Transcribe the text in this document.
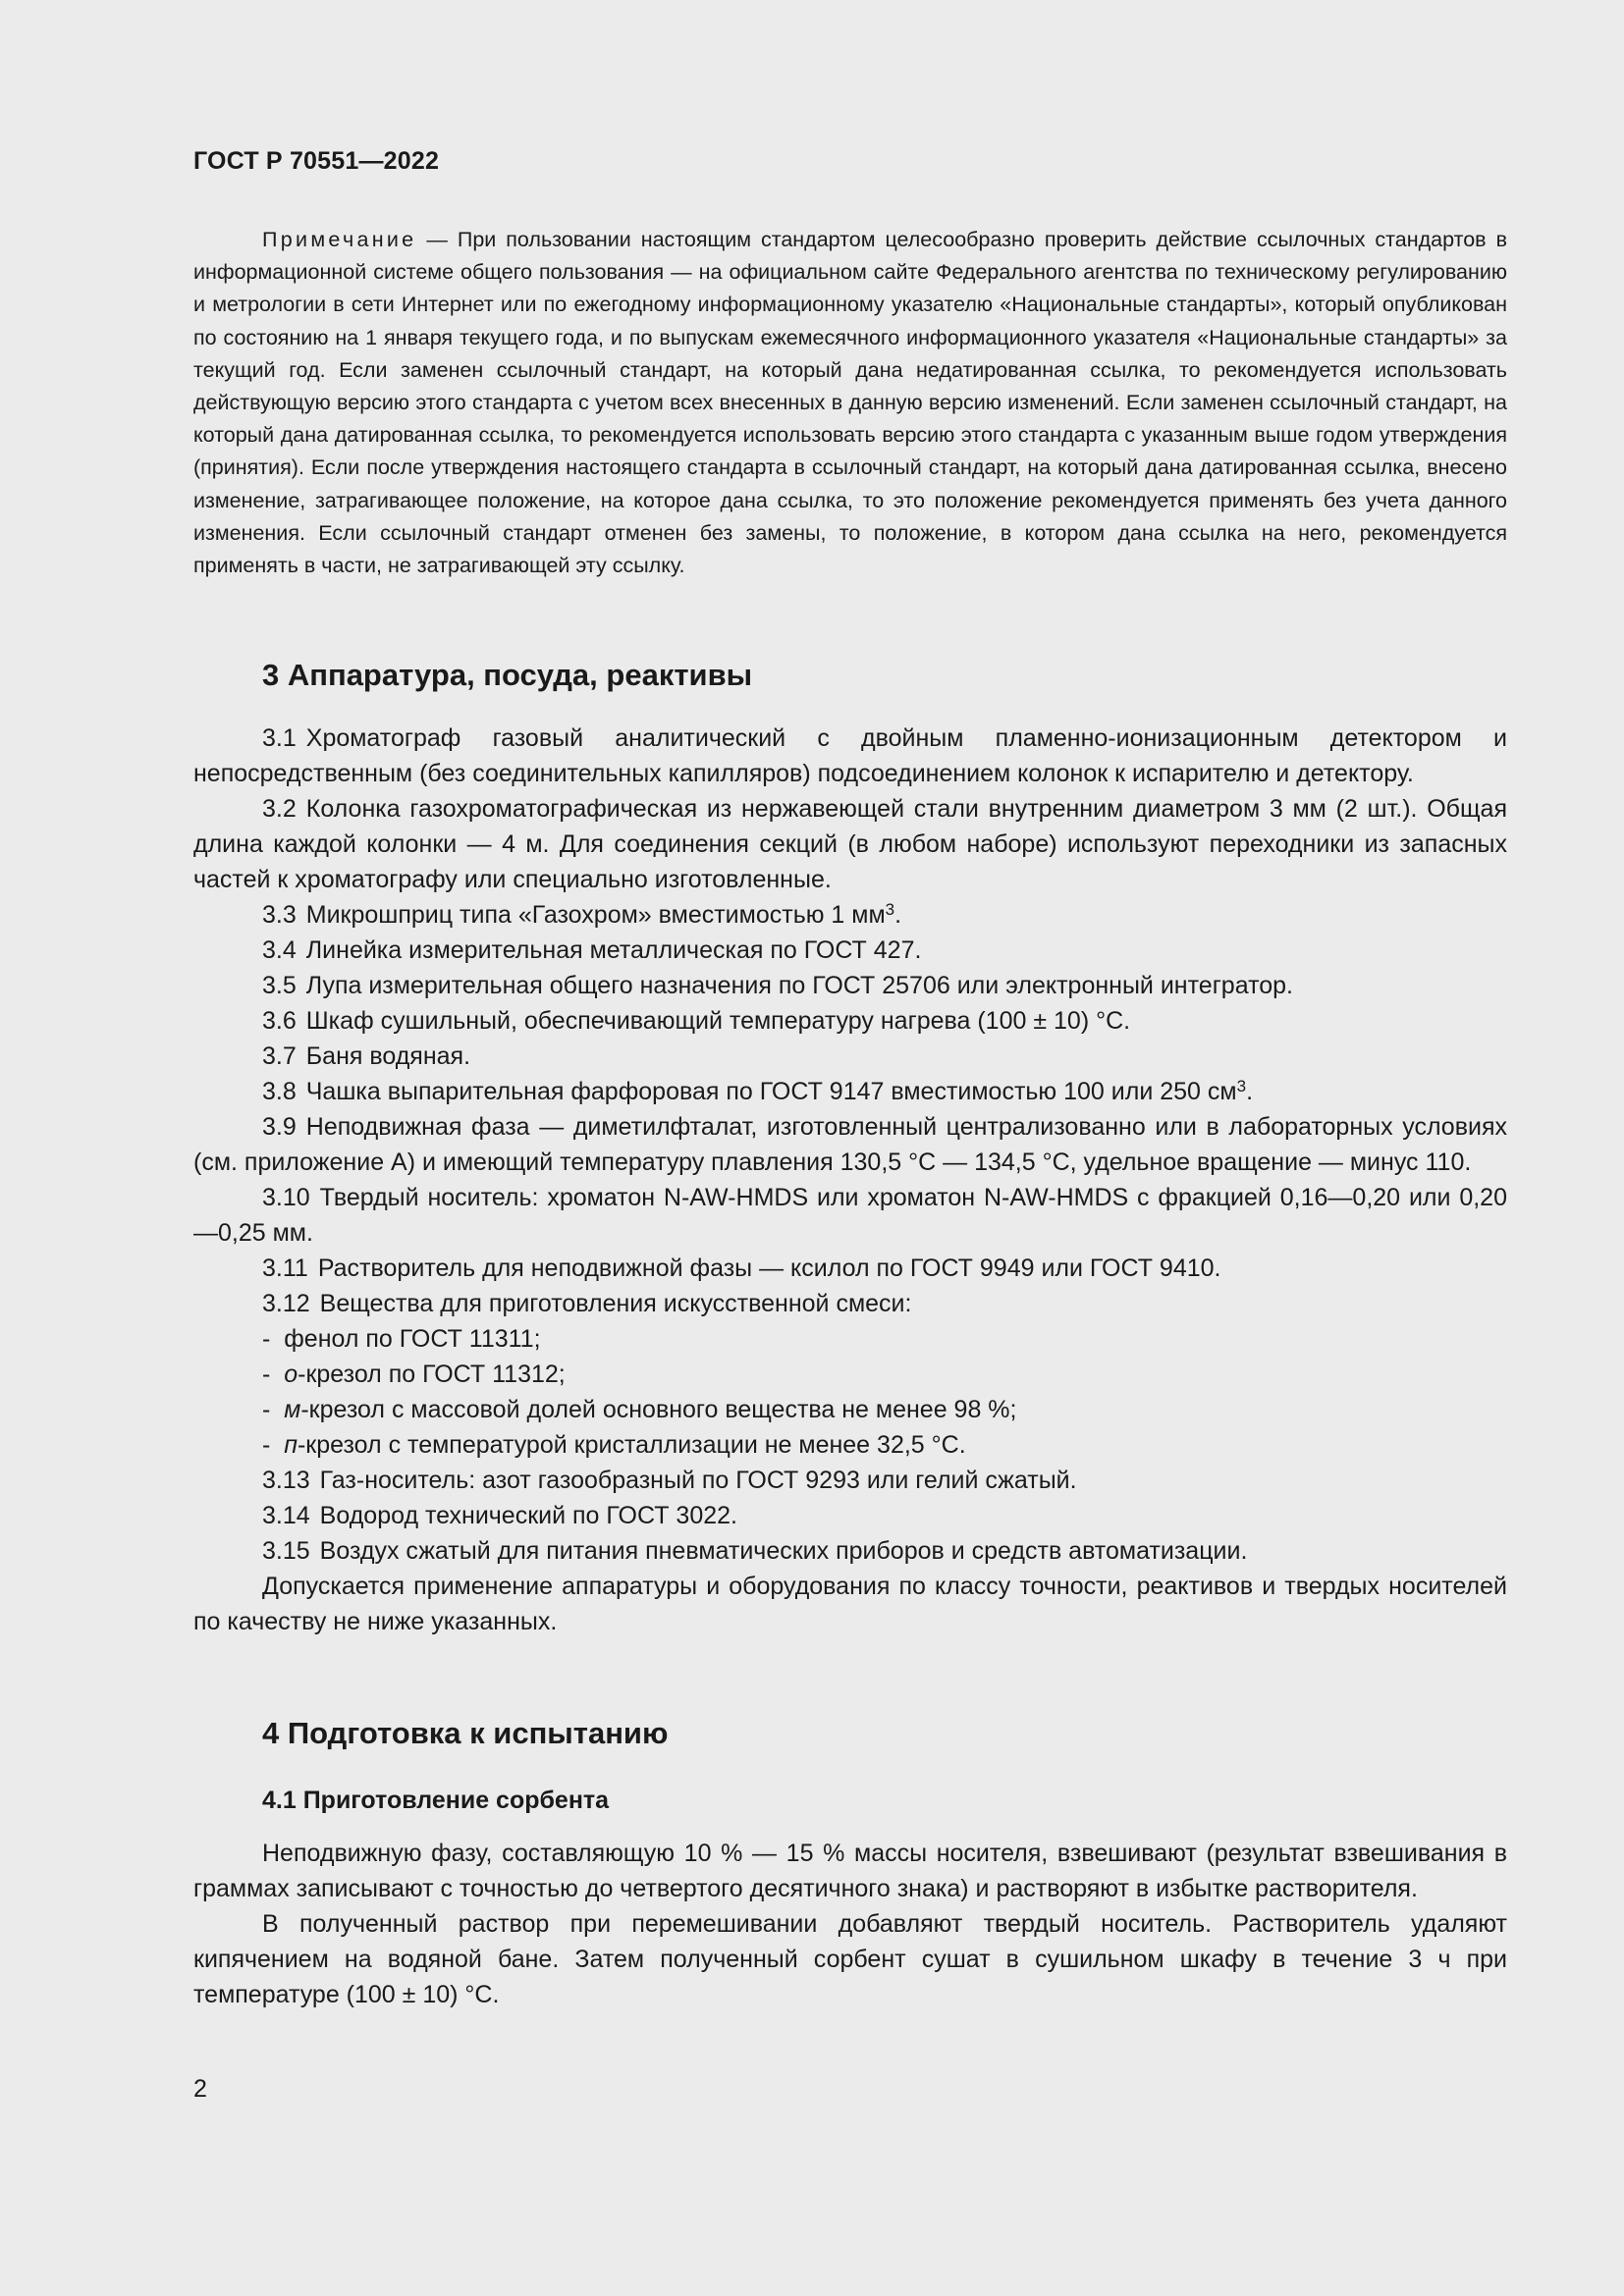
ГОСТ Р 70551—2022
Примечание — При пользовании настоящим стандартом целесообразно проверить действие ссылочных стандартов в информационной системе общего пользования — на официальном сайте Федерального агентства по техническому регулированию и метрологии в сети Интернет или по ежегодному информационному указателю «Национальные стандарты», который опубликован по состоянию на 1 января текущего года, и по выпускам ежемесячного информационного указателя «Национальные стандарты» за текущий год. Если заменен ссылочный стандарт, на который дана недатированная ссылка, то рекомендуется использовать действующую версию этого стандарта с учетом всех внесенных в данную версию изменений. Если заменен ссылочный стандарт, на который дана датированная ссылка, то рекомендуется использовать версию этого стандарта с указанным выше годом утверждения (принятия). Если после утверждения настоящего стандарта в ссылочный стандарт, на который дана датированная ссылка, внесено изменение, затрагивающее положение, на которое дана ссылка, то это положение рекомендуется применять без учета данного изменения. Если ссылочный стандарт отменен без замены, то положение, в котором дана ссылка на него, рекомендуется применять в части, не затрагивающей эту ссылку.
3 Аппаратура, посуда, реактивы

3.1 Хроматограф газовый аналитический с двойным пламенно-ионизационным детектором и непосредственным (без соединительных капилляров) подсоединением колонок к испарителю и детектору.

3.2 Колонка газохроматографическая из нержавеющей стали внутренним диаметром 3 мм (2 шт.). Общая длина каждой колонки — 4 м. Для соединения секций (в любом наборе) используют переходники из запасных частей к хроматографу или специально изготовленные.

3.3 Микрошприц типа «Газохром» вместимостью 1 $мм^3$.

3.4 Линейка измерительная металлическая по ГОСТ 427.

3.5 Лупа измерительная общего назначения по ГОСТ 25706 или электронный интегратор.

3.6 Шкаф сушильный, обеспечивающий температуру нагрева (100 ± 10) °С.

3.7 Баня водяная.

3.8 Чашка выпарительная фарфоровая по ГОСТ 9147 вместимостью 100 или 250 $см^3$.

3.9 Неподвижная фаза — диметилфталат, изготовленный централизованно или в лабораторных условиях (см. приложение А) и имеющий температуру плавления 130,5 °С — 134,5 °С, удельное вращение — минус 110.

3.10 Твердый носитель: хроматон N-AW-HMDS или хроматон N-AW-HMDS с фракцией 0,16—0,20 или 0,20—0,25 мм.

3.11 Растворитель для неподвижной фазы — ксилол по ГОСТ 9949 или ГОСТ 9410.

3.12 Вещества для приготовления искусственной смеси:

-  фенол по ГОСТ 11311;

-  о-крезол по ГОСТ 11312;

-  м-крезол с массовой долей основного вещества не менее 98 %;

-  п-крезол с температурой кристаллизации не менее 32,5 °С.

3.13 Газ-носитель: азот газообразный по ГОСТ 9293 или гелий сжатый.

3.14 Водород технический по ГОСТ 3022.

3.15 Воздух сжатый для питания пневматических приборов и средств автоматизации.

Допускается применение аппаратуры и оборудования по классу точности, реактивов и твердых носителей по качеству не ниже указанных.

4 Подготовка к испытанию
4.1 Приготовление сорбента

Неподвижную фазу, составляющую 10 % — 15 % массы носителя, взвешивают (результат взвешивания в граммах записывают с точностью до четвертого десятичного знака) и растворяют в избытке растворителя.

В полученный раствор при перемешивании добавляют твердый носитель. Растворитель удаляют кипячением на водяной бане. Затем полученный сорбент сушат в сушильном шкафу в течение 3 ч при температуре (100 ± 10) °С.

2
